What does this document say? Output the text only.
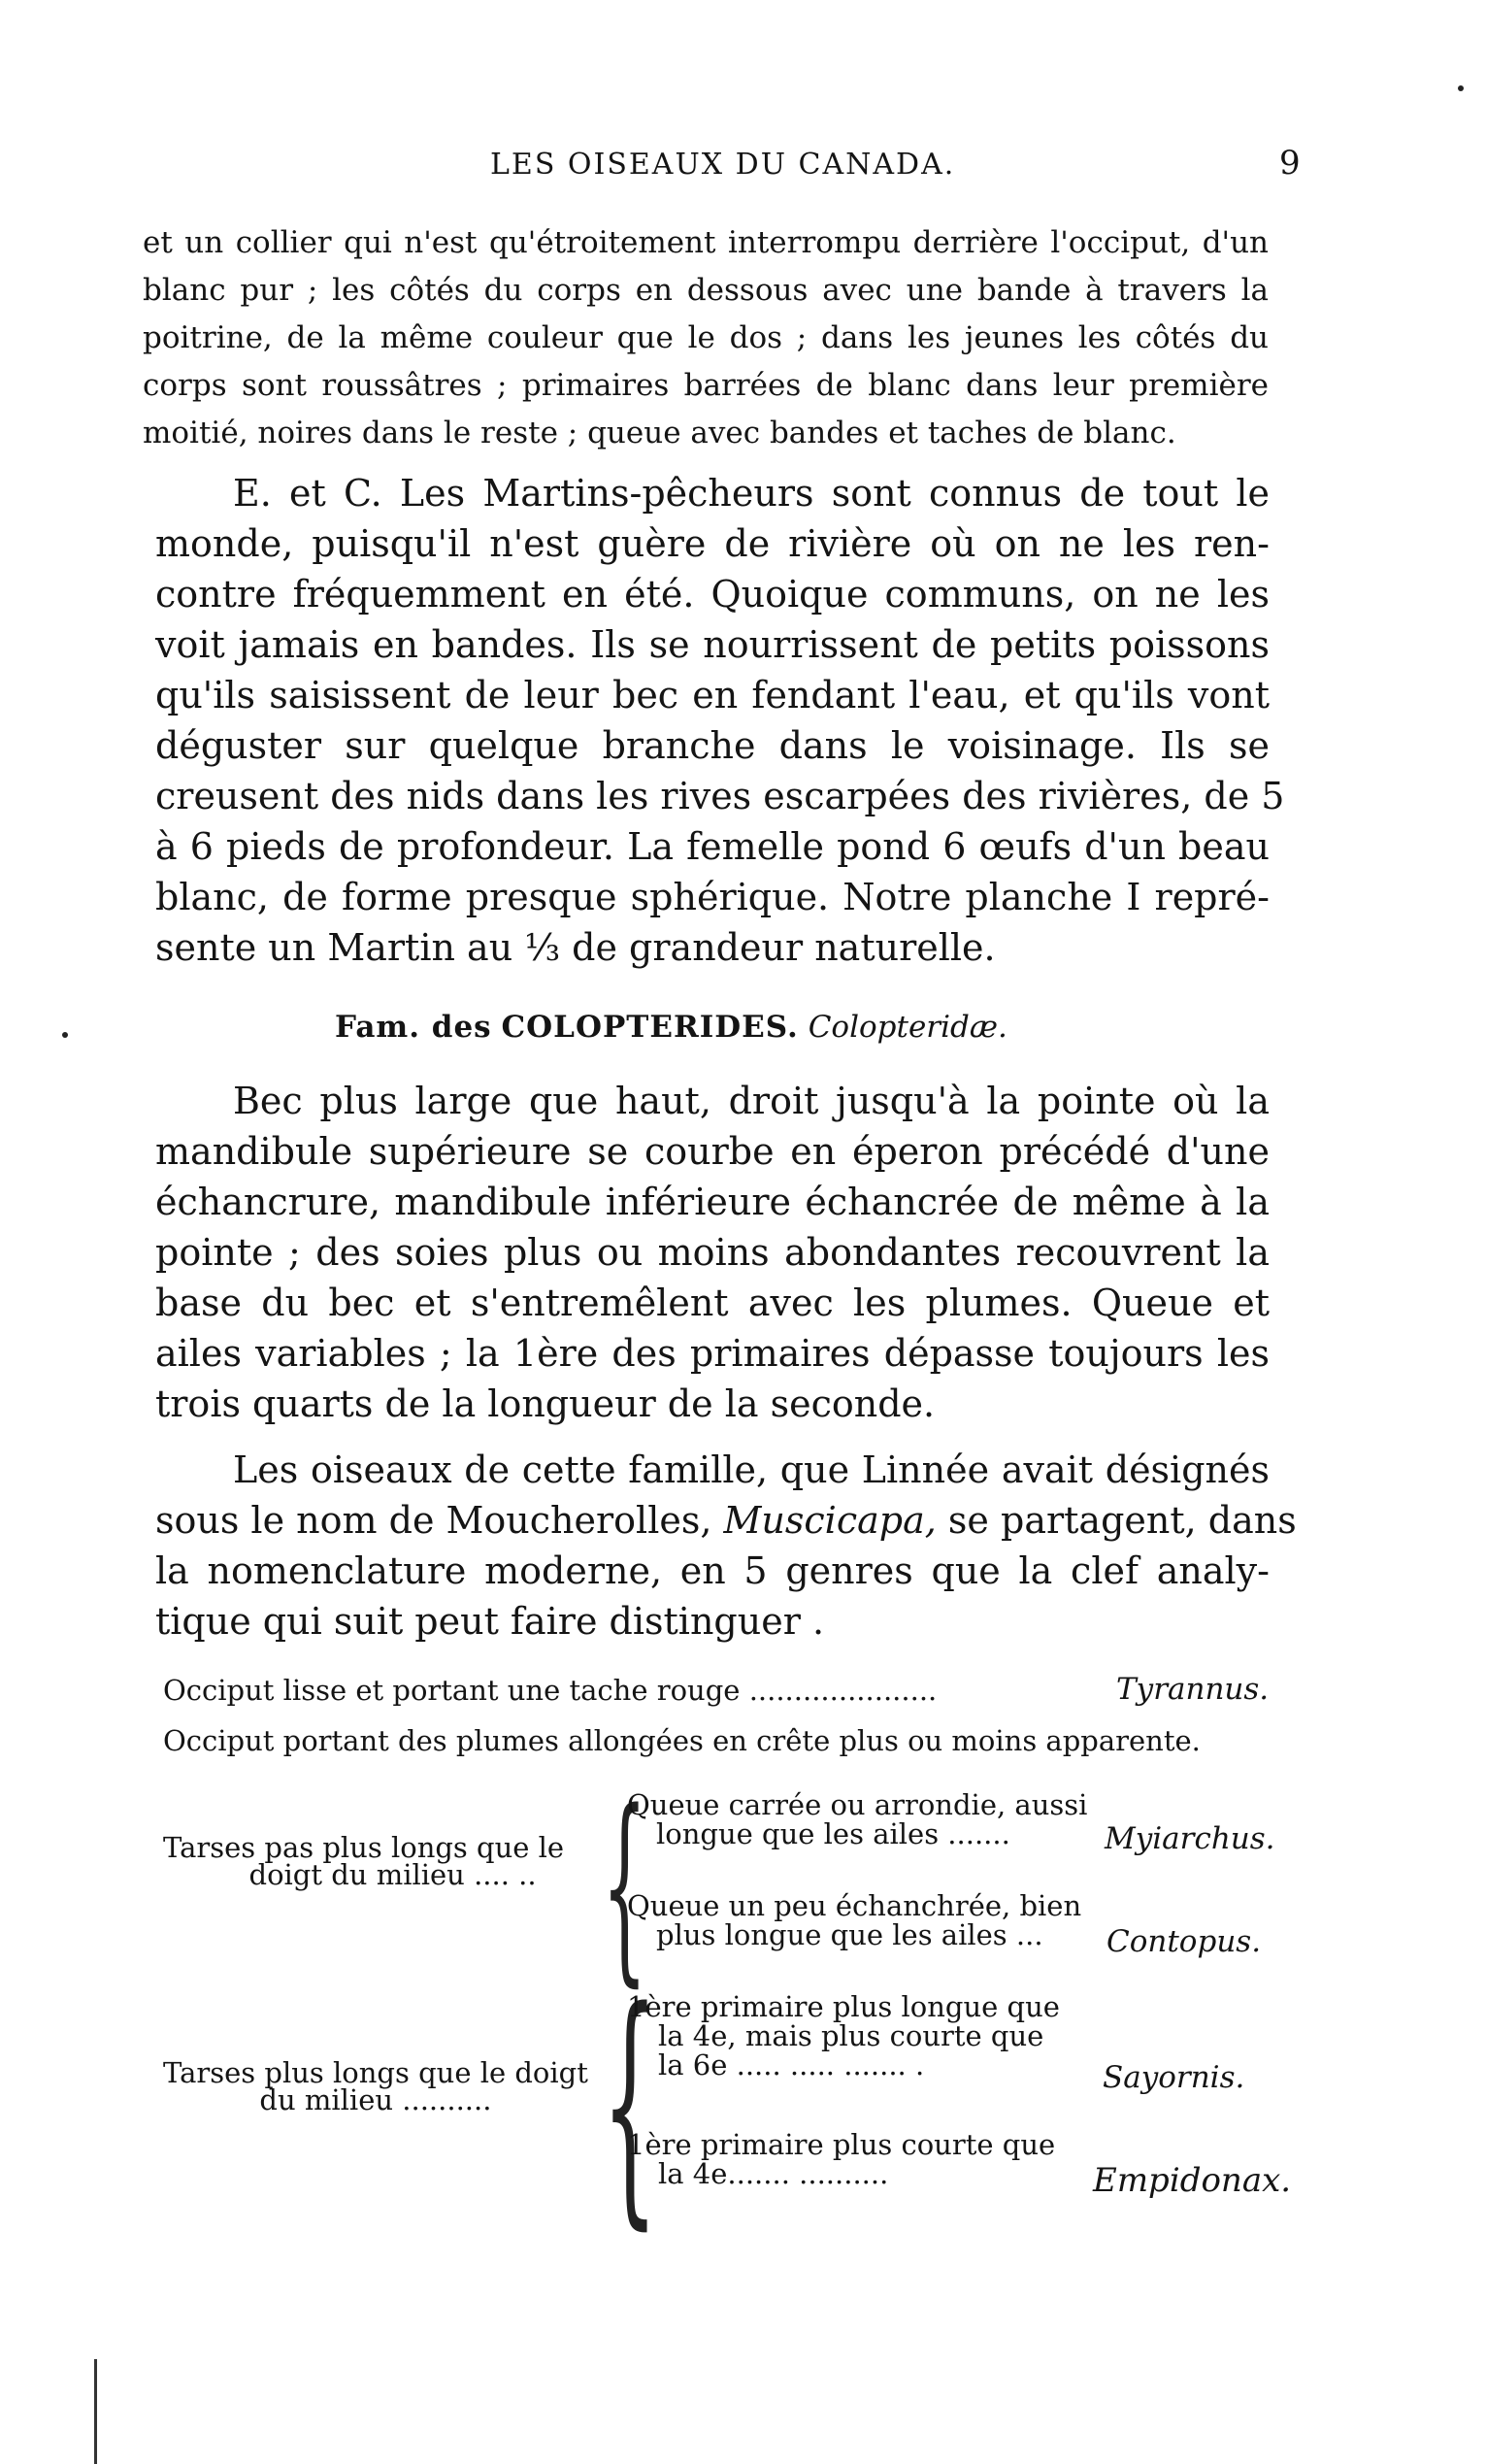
LES OISEAUX DU CANADA.	9
et un collier qui n'est qu'étroitement interrompu derrière l'occiput, d'un
blanc pur ; les côtés du corps en dessous avec une bande à travers la
poitrine, de la même couleur que le dos ; dans les jeunes les côtés du
corps sont roussâtres ; primaires barrées de blanc dans leur première
moitié, noires dans le reste ; queue avec bandes et taches de blanc.
E. et C. Les Martins-pêcheurs sont connus de tout le
monde, puisqu'il n'est guère de rivière où on ne les ren-
contre fréquemment en été. Quoique communs, on ne les
voit jamais en bandes. Ils se nourrissent de petits poissons
qu'ils saisissent de leur bec en fendant l'eau, et qu'ils vont
déguster sur quelque branche dans le voisinage. Ils se
creusent des nids dans les rives escarpées des rivières, de 5
à 6 pieds de profondeur. La femelle pond 6 œufs d'un beau
blanc, de forme presque sphérique. Notre planche I repré-
sente un Martin au ⅓ de grandeur naturelle.
Fam. des COLOPTERIDES. Colopteridæ.
Bec plus large que haut, droit jusqu'à la pointe où la
mandibule supérieure se courbe en éperon précédé d'une
échancrure, mandibule inférieure échancrée de même à la
pointe ; des soies plus ou moins abondantes recouvrent la
base du bec et s'entremêlent avec les plumes. Queue et
ailes variables ; la 1ère des primaires dépasse toujours les
trois quarts de la longueur de la seconde.
Les oiseaux de cette famille, que Linnée avait désignés
sous le nom de Moucherolles, Muscicapa, se partagent, dans
la nomenclature moderne, en 5 genres que la clef analy-
tique qui suit peut faire distinguer .
Occiput lisse et portant une tache rouge .....................	Tyrannus.
Occiput portant des plumes allongées en crête plus ou moins apparente.
Tarses pas plus longs que le
doigt du milieu .... .. {
Queue carrée ou arrondie, aussi
longue que les ailes .......	Myiarchus.
Queue un peu échanchrée, bien
plus longue que les ailes ...	Contopus.
Tarses plus longs que le doigt
du milieu .......... {
1ère primaire plus longue que
la 4e, mais plus courte que
la 6e ..... ..... ....... .	Sayornis.
1ère primaire plus courte que
la 4e....... ..........	Empidonax.
